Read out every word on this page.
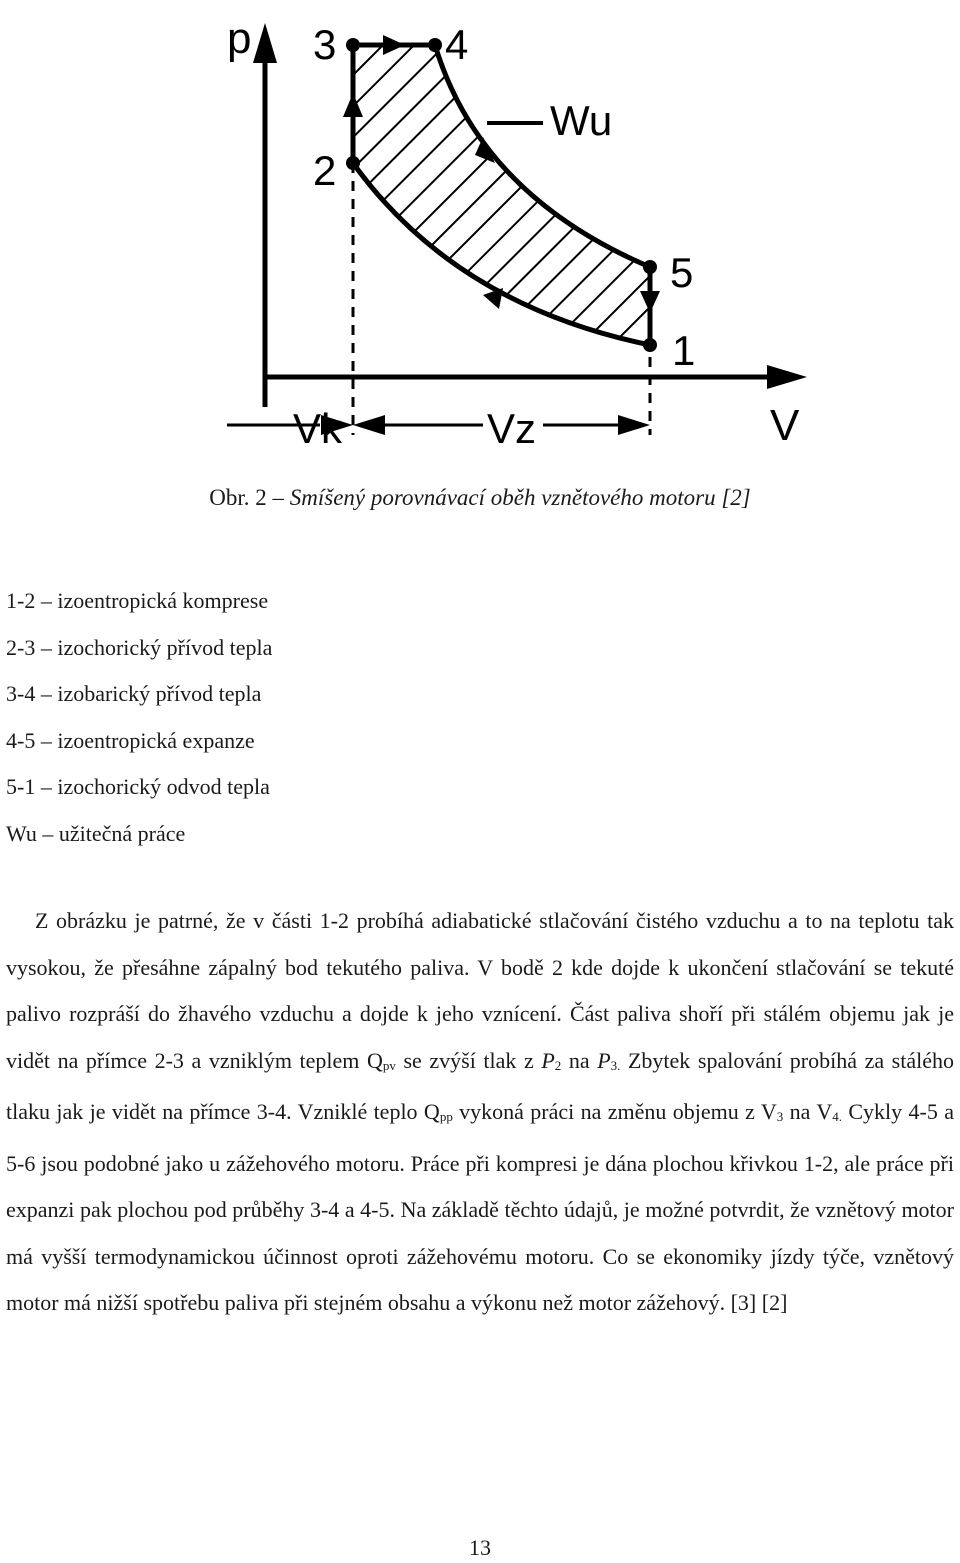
p
V
3	4
2
5
1
Wu
Vk	Vz
Obr. 2 – Smíšený porovnávací oběh vznětového motoru [2]
1-2 – izoentropická komprese
2-3 – izochorický přívod tepla
3-4 – izobarický přívod tepla
4-5 – izoentropická expanze
5-1 – izochorický odvod tepla
Wu – užitečná práce

Z obrázku je patrné, že v části 1-2 probíhá adiabatické stlačování čistého vzduchu a to na teplotu tak vysokou, že přesáhne zápalný bod tekutého paliva. V bodě 2 kde dojde k ukončení stlačování se tekuté palivo rozpráší do žhavého vzduchu a dojde k jeho vznícení. Část paliva shoří při stálém objemu jak je vidět na přímce 2-3 a vzniklým teplem $Q_{pv}$ se zvýší tlak z $P_2$ na $P_{3.}$ Zbytek spalování probíhá za stálého tlaku jak je vidět na přímce 3-4. Vzniklé teplo $Q_{pp}$ vykoná práci na změnu objemu z $V_3$ na $V_{4.}$ Cykly 4-5 a 5-6 jsou podobné jako u zážehového motoru. Práce při kompresi je dána plochou křivkou 1-2, ale práce při expanzi pak plochou pod průběhy 3-4 a 4-5. Na základě těchto údajů, je možné potvrdit, že vznětový motor má vyšší termodynamickou účinnost oproti zážehovému motoru. Co se ekonomiky jízdy týče, vznětový motor má nižší spotřebu paliva při stejném obsahu a výkonu než motor zážehový. [3] [2]

13
